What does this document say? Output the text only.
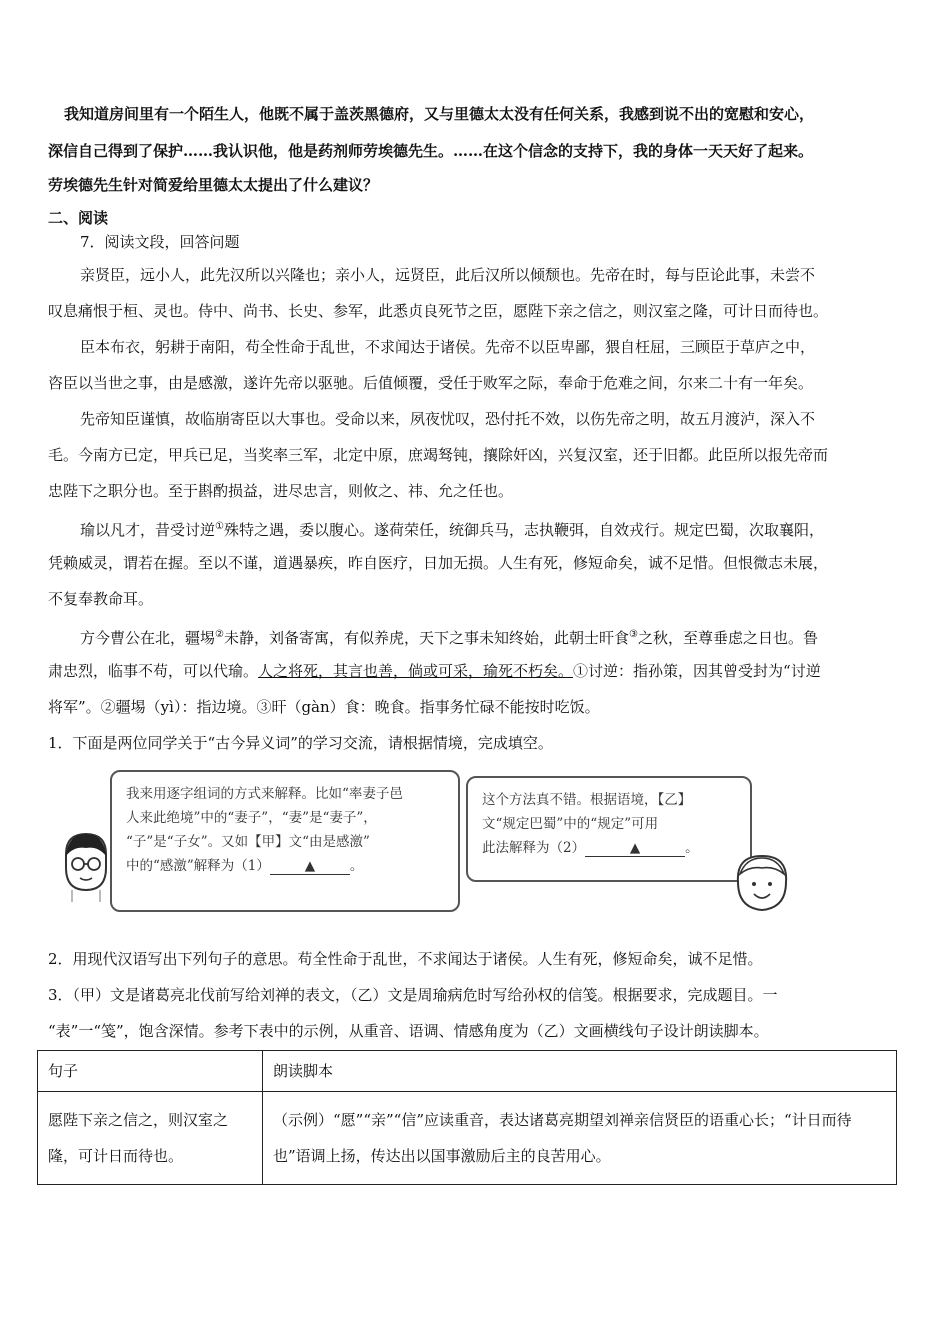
我知道房间里有一个陌生人，他既不属于盖茨黑德府，又与里德太太没有任何关系，我感到说不出的宽慰和安心，
深信自己得到了保护……我认识他，他是药剂师劳埃德先生。……在这个信念的支持下，我的身体一天天好了起来。
劳埃德先生针对简爱给里德太太提出了什么建议？
二、阅读
7．阅读文段，回答问题
亲贤臣，远小人，此先汉所以兴隆也；亲小人，远贤臣，此后汉所以倾颓也。先帝在时，每与臣论此事，未尝不
叹息痛恨于桓、灵也。侍中、尚书、长史、参军，此悉贞良死节之臣，愿陛下亲之信之，则汉室之隆，可计日而待也。
臣本布衣，躬耕于南阳，苟全性命于乱世，不求闻达于诸侯。先帝不以臣卑鄙，猥自枉屈，三顾臣于草庐之中，
咨臣以当世之事，由是感激，遂许先帝以驱驰。后值倾覆，受任于败军之际，奉命于危难之间，尔来二十有一年矣。
先帝知臣谨慎，故临崩寄臣以大事也。受命以来，夙夜忧叹，恐付托不效，以伤先帝之明，故五月渡泸，深入不
毛。今南方已定，甲兵已足，当奖率三军，北定中原，庶竭驽钝，攘除奸凶，兴复汉室，还于旧都。此臣所以报先帝而
忠陛下之职分也。至于斟酌损益，进尽忠言，则攸之、祎、允之任也。
瑜以凡才，昔受讨逆①殊特之遇，委以腹心。遂荷荣任，统御兵马，志执鞭弭，自效戎行。规定巴蜀，次取襄阳，
凭赖威灵，谓若在握。至以不谨，道遇暴疾，昨自医疗，日加无损。人生有死，修短命矣，诚不足惜。但恨微志未展，
不复奉教命耳。
方今曹公在北，疆埸②未静，刘备寄寓，有似养虎，天下之事未知终始，此朝士旰食③之秋，至尊垂虑之日也。鲁
肃忠烈，临事不苟，可以代瑜。人之将死，其言也善，倘或可采，瑜死不朽矣。①讨逆：指孙策，因其曾受封为“讨逆
将军”。②疆埸（yì）：指边境。③旰（gàn）食：晚食。指事务忙碌不能按时吃饭。
1．下面是两位同学关于“古今异义词”的学习交流，请根据情境，完成填空。
我来用逐字组词的方式来解释。比如“率妻子邑
人来此绝境”中的“妻子”，“妻”是“妻子”，
“子”是“子女”。又如【甲】文“由是感激”
中的“感激”解释为（1）	▲	。
这个方法真不错。根据语境，【乙】
文“规定巴蜀”中的“规定”可用
此法解释为（2）	▲	。
2．用现代汉语写出下列句子的意思。苟全性命于乱世，不求闻达于诸侯。人生有死，修短命矣，诚不足惜。
3．（甲）文是诸葛亮北伐前写给刘禅的表文，（乙）文是周瑜病危时写给孙权的信笺。根据要求，完成题目。一
“表”一“笺”，饱含深情。参考下表中的示例，从重音、语调、情感角度为（乙）文画横线句子设计朗读脚本。
句子	朗读脚本
愿陛下亲之信之，则汉室之隆，可计日而待也。	（示例）“愿”“亲”“信”应读重音，表达诸葛亮期望刘禅亲信贤臣的语重心长；“计日而待也”语调上扬，传达出以国事激励后主的良苦用心。
